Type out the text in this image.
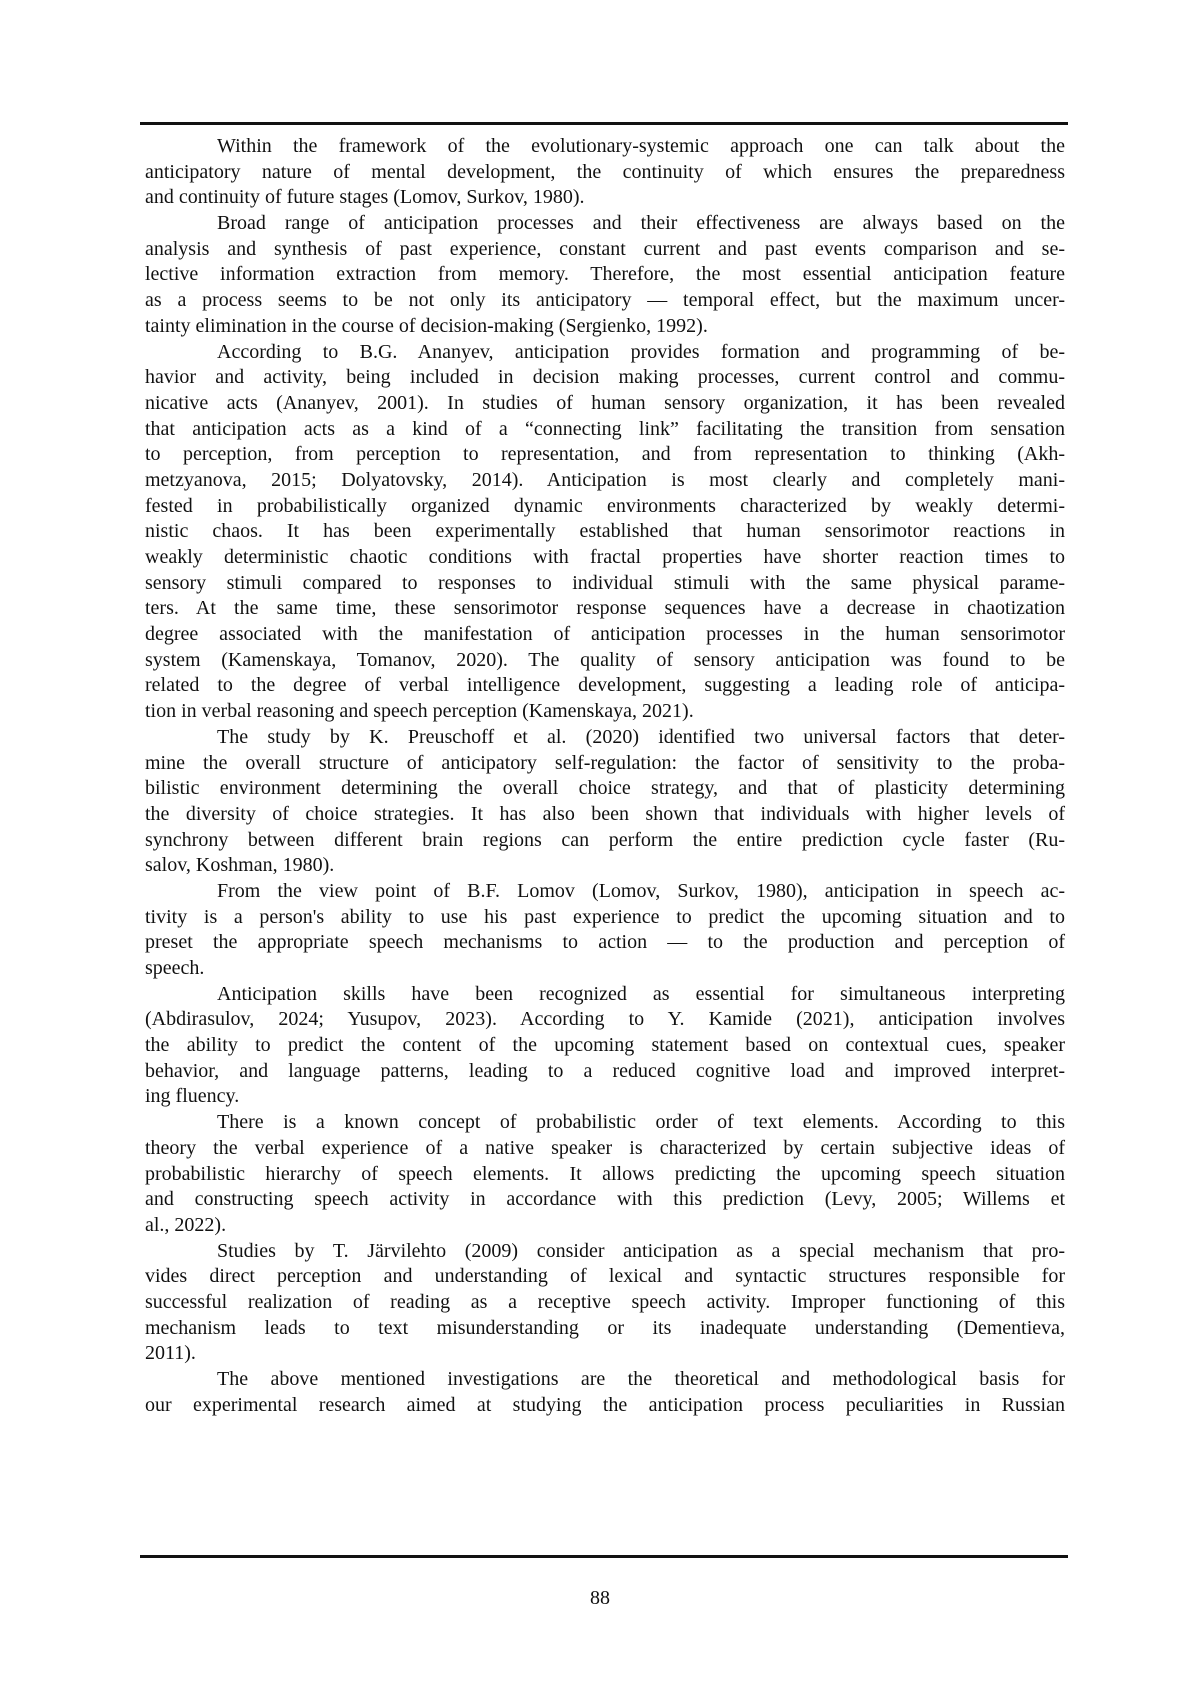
Within the framework of the evolutionary-systemic approach one can talk about the
anticipatory nature of mental development, the continuity of which ensures the preparedness
and continuity of future stages (Lomov, Surkov, 1980).
Broad range of anticipation processes and their effectiveness are always based on the
analysis and synthesis of past experience, constant current and past events comparison and se-
lective information extraction from memory. Therefore, the most essential anticipation feature
as a process seems to be not only its anticipatory — temporal effect, but the maximum uncer-
tainty elimination in the course of decision-making (Sergienko, 1992).
According to B.G. Ananyev, anticipation provides formation and programming of be-
havior and activity, being included in decision making processes, current control and commu-
nicative acts (Ananyev, 2001). In studies of human sensory organization, it has been revealed
that anticipation acts as a kind of a “connecting link” facilitating the transition from sensation
to perception, from perception to representation, and from representation to thinking (Akh-
metzyanova, 2015; Dolyatovsky, 2014). Anticipation is most clearly and completely mani-
fested in probabilistically organized dynamic environments characterized by weakly determi-
nistic chaos. It has been experimentally established that human sensorimotor reactions in
weakly deterministic chaotic conditions with fractal properties have shorter reaction times to
sensory stimuli compared to responses to individual stimuli with the same physical parame-
ters. At the same time, these sensorimotor response sequences have a decrease in chaotization
degree associated with the manifestation of anticipation processes in the human sensorimotor
system (Kamenskaya, Tomanov, 2020). The quality of sensory anticipation was found to be
related to the degree of verbal intelligence development, suggesting a leading role of anticipa-
tion in verbal reasoning and speech perception (Kamenskaya, 2021).
The study by K. Preuschoff et al. (2020) identified two universal factors that deter-
mine the overall structure of anticipatory self-regulation: the factor of sensitivity to the proba-
bilistic environment determining the overall choice strategy, and that of plasticity determining
the diversity of choice strategies. It has also been shown that individuals with higher levels of
synchrony between different brain regions can perform the entire prediction cycle faster (Ru-
salov, Koshman, 1980).
From the view point of B.F. Lomov (Lomov, Surkov, 1980), anticipation in speech ac-
tivity is a person's ability to use his past experience to predict the upcoming situation and to
preset the appropriate speech mechanisms to action — to the production and perception of
speech.
Anticipation skills have been recognized as essential for simultaneous interpreting
(Abdirasulov, 2024; Yusupov, 2023). According to Y. Kamide (2021), anticipation involves
the ability to predict the content of the upcoming statement based on contextual cues, speaker
behavior, and language patterns, leading to a reduced cognitive load and improved interpret-
ing fluency.
There is a known concept of probabilistic order of text elements. According to this
theory the verbal experience of a native speaker is characterized by certain subjective ideas of
probabilistic hierarchy of speech elements. It allows predicting the upcoming speech situation
and constructing speech activity in accordance with this prediction (Levy, 2005; Willems et
al., 2022).
Studies by T. Järvilehto (2009) consider anticipation as a special mechanism that pro-
vides direct perception and understanding of lexical and syntactic structures responsible for
successful realization of reading as a receptive speech activity. Improper functioning of this
mechanism leads to text misunderstanding or its inadequate understanding (Dementieva,
2011).
The above mentioned investigations are the theoretical and methodological basis for
our experimental research aimed at studying the anticipation process peculiarities in Russian
88
